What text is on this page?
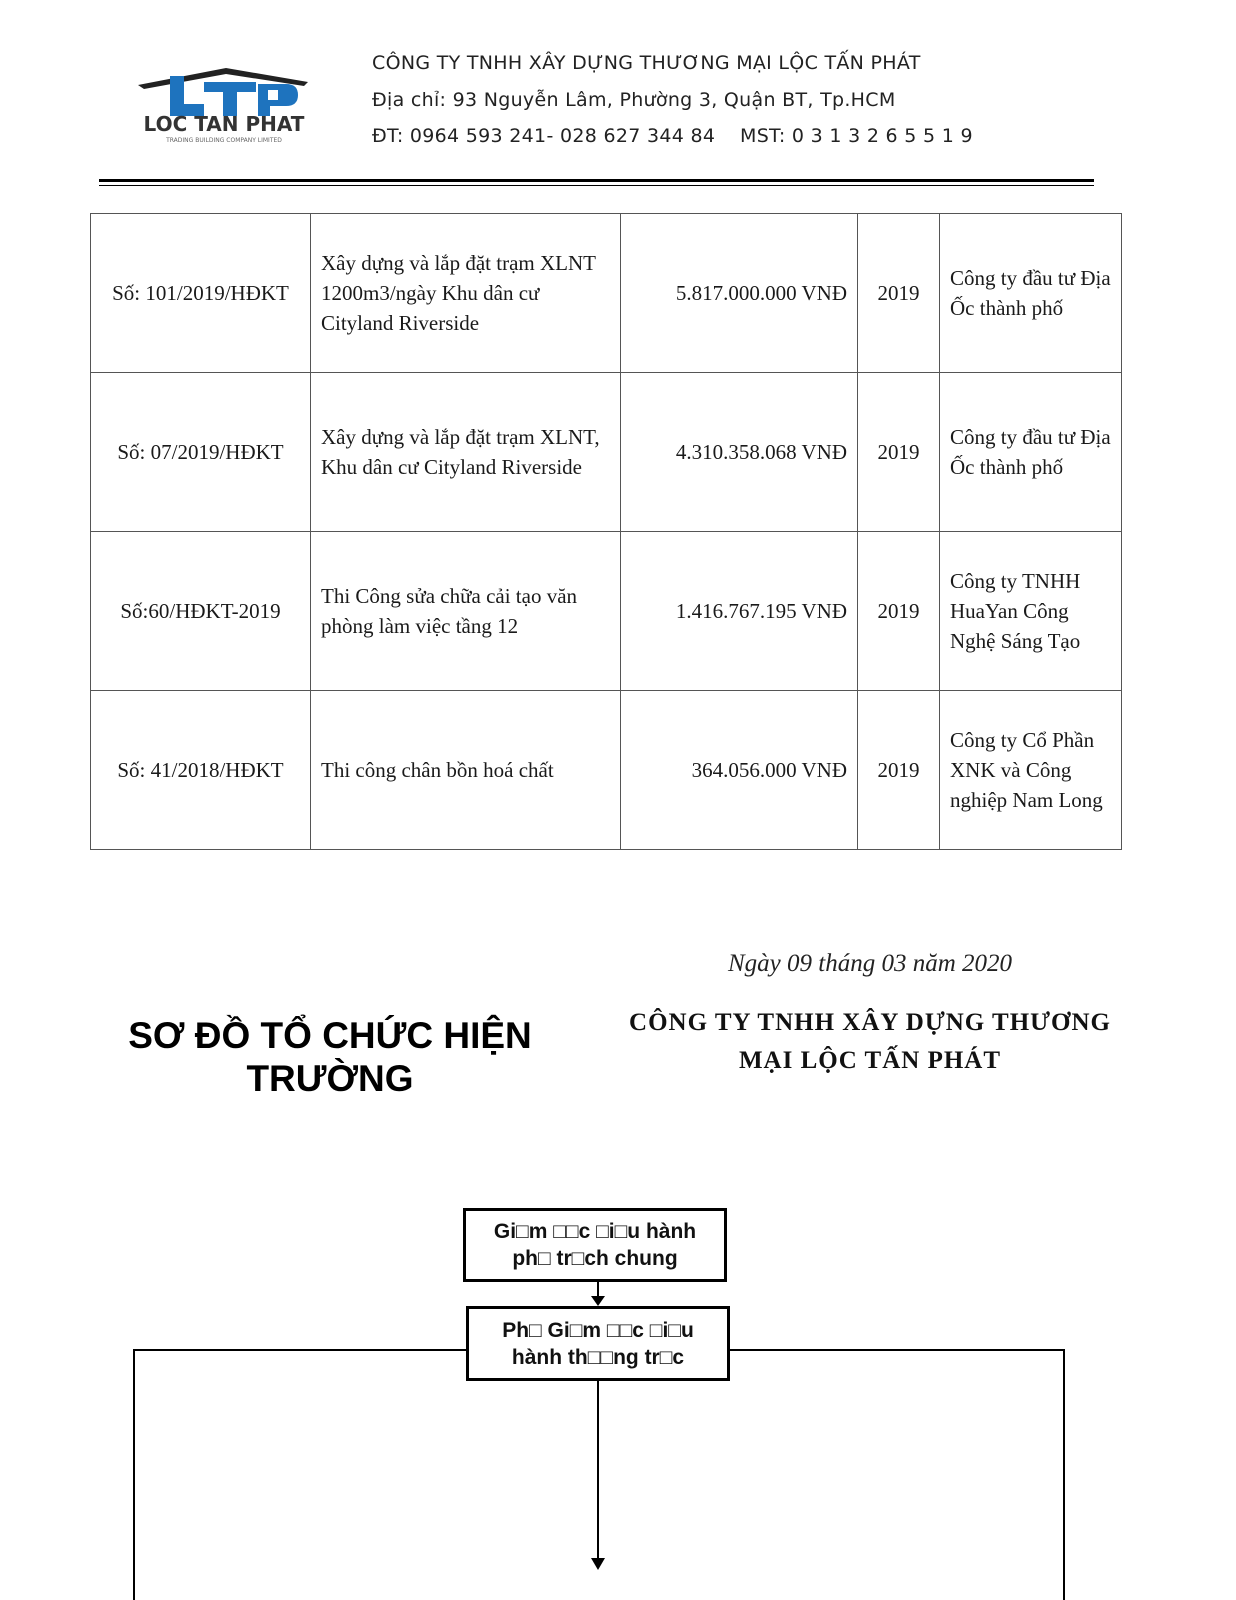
LOC TAN PHAT
TRADING BUILDING COMPANY LIMITED
CÔNG TY TNHH XÂY DỰNG THƯƠNG MẠI LỘC TẤN PHÁT
Địa chỉ: 93 Nguyễn Lâm, Phường 3, Quận BT, Tp.HCM
ĐT: 0964 593 241- 028 627 344 84 MST: 0 3 1 3 2 6 5 5 1 9
Số: 101/2019/HĐKT	Xây dựng và lắp đặt trạm XLNT 1200m3/ngày Khu dân cư Cityland Riverside	5.817.000.000 VNĐ	2019	Công ty đầu tư Địa Ốc thành phố
Số: 07/2019/HĐKT	Xây dựng và lắp đặt trạm XLNT, Khu dân cư Cityland Riverside	4.310.358.068 VNĐ	2019	Công ty đầu tư Địa Ốc thành phố
Số:60/HĐKT-2019	Thi Công sửa chữa cải tạo văn phòng làm việc tầng 12	1.416.767.195 VNĐ	2019	Công ty TNHH HuaYan Công Nghệ Sáng Tạo
Số: 41/2018/HĐKT	Thi công chân bồn hoá chất	364.056.000 VNĐ	2019	Công ty Cổ Phần XNK và Công nghiệp Nam Long
Ngày 09 tháng 03 năm 2020
SƠ ĐỒ TỔ CHỨC HIỆN TRƯỜNG
CÔNG TY TNHH XÂY DỰNG THƯƠNG MẠI LỘC TẤN PHÁT
Gi□m □□c □i□u hành ph□ tr□ch chung
Ph□ Gi□m □□c □i□u hành th□□ng tr□c
